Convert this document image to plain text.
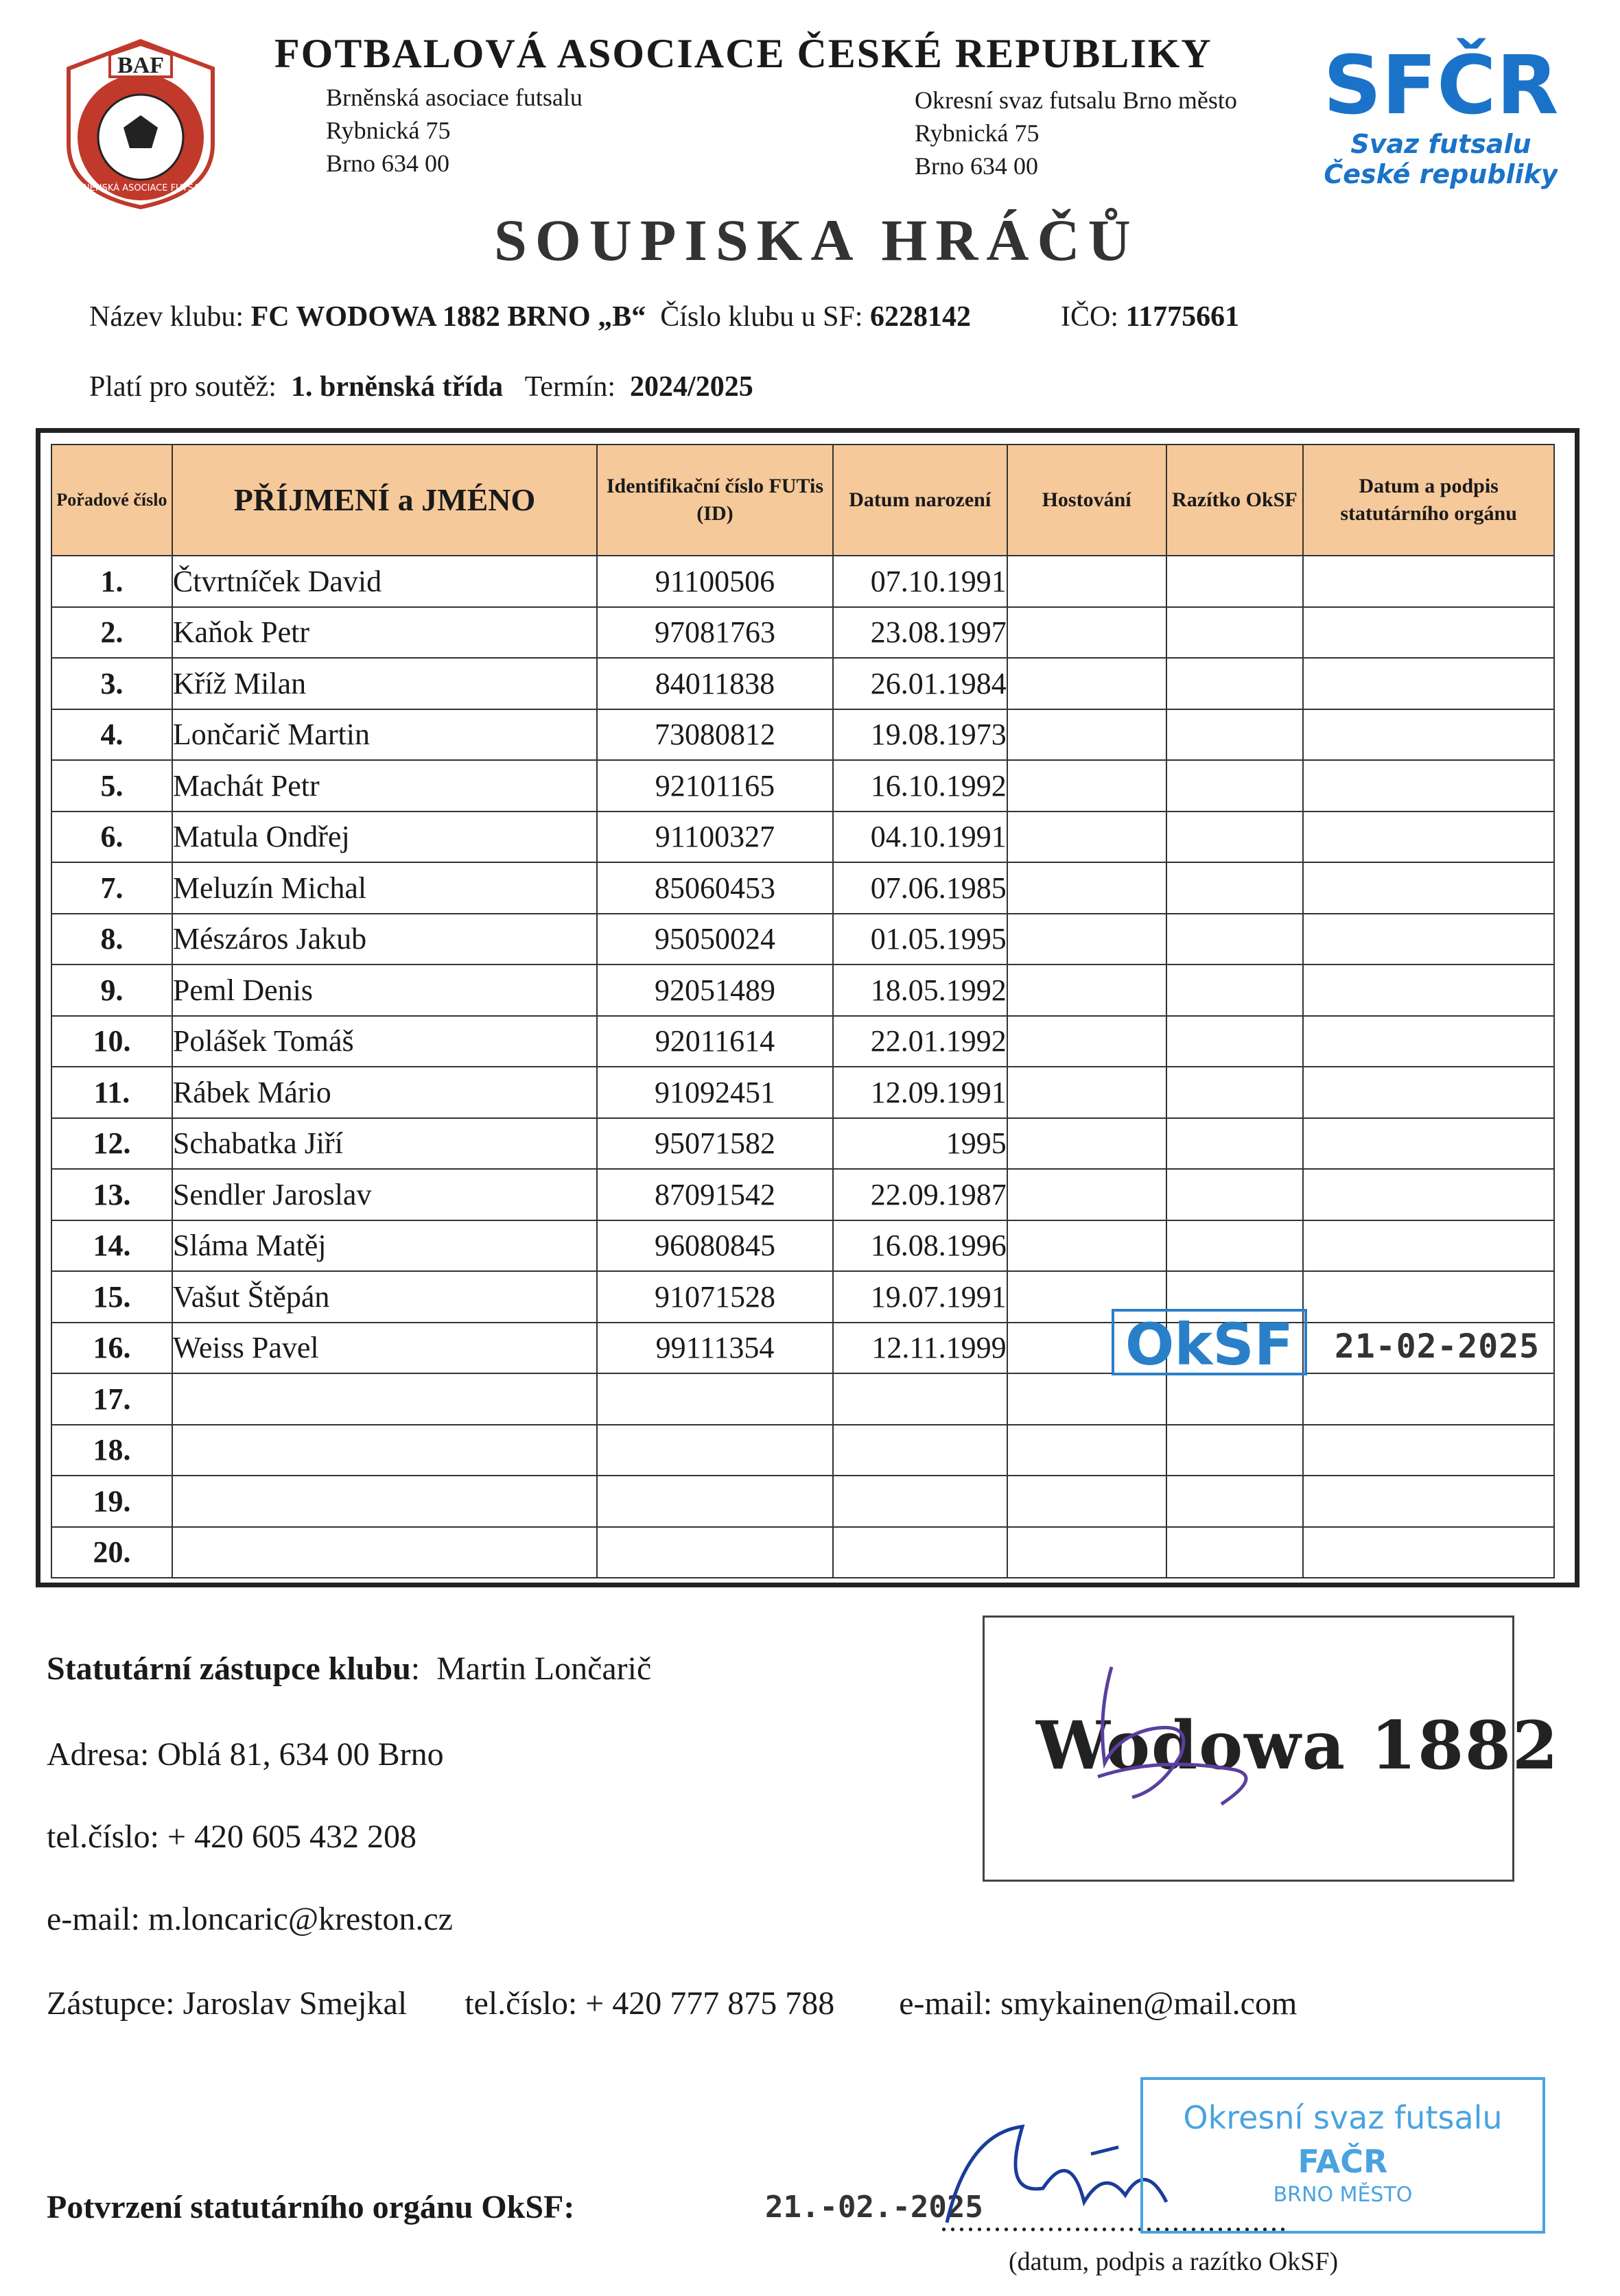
BAF
BRNĚNSKÁ ASOCIACE FUTSALU
FOTBALOVÁ ASOCIACE ČESKÉ REPUBLIKY
Brněnská asociace futsalu
Rybnická 75
Brno 634 00
Okresní svaz futsalu Brno město
Rybnická 75
Brno 634 00
SFČR
Svaz futsalu
České republiky
SOUPISKA HRÁČŮ
Název klubu: FC WODOWA 1882 BRNO „B“ Číslo klubu u SF: 6228142	IČO: 11775661
Platí pro soutěž: 1. brněnská třída Termín: 2024/2025
Pořadové číslo	PŘÍJMENÍ a JMÉNO	Identifikační číslo FUTis (ID)	Datum narození	Hostování	Razítko OkSF	Datum a podpis statutárního orgánu
1.	Čtvrtníček David	91100506	07.10.1991			
2.	Kaňok Petr	97081763	23.08.1997			
3.	Kříž Milan	84011838	26.01.1984			
4.	Lončarič Martin	73080812	19.08.1973			
5.	Machát Petr	92101165	16.10.1992			
6.	Matula Ondřej	91100327	04.10.1991			
7.	Meluzín Michal	85060453	07.06.1985			
8.	Mészáros Jakub	95050024	01.05.1995			
9.	Peml Denis	92051489	18.05.1992			
10.	Polášek Tomáš	92011614	22.01.1992			
11.	Rábek Mário	91092451	12.09.1991			
12.	Schabatka Jiří	95071582	1995			
13.	Sendler Jaroslav	87091542	22.09.1987			
14.	Sláma Matěj	96080845	16.08.1996			
15.	Vašut Štěpán	91071528	19.07.1991			
16.	Weiss Pavel	99111354	12.11.1999			
17.						
18.						
19.						
20.						
OkSF	21-02-2025
Statutární zástupce klubu:  Martin Lončarič
Adresa: Oblá 81, 634 00 Brno
tel.číslo: + 420 605 432 208
e-mail: m.loncaric@kreston.cz
Zástupce: Jaroslav Smejkal tel.číslo: + 420 777 875 788 e-mail: smykainen@mail.com
Wodowa 1882
Potvrzení statutárního orgánu OkSF:	21.-02.-2025
.......................................
(datum, podpis a razítko OkSF)
Okresní svaz futsalu
FAČR
BRNO MĚSTO
